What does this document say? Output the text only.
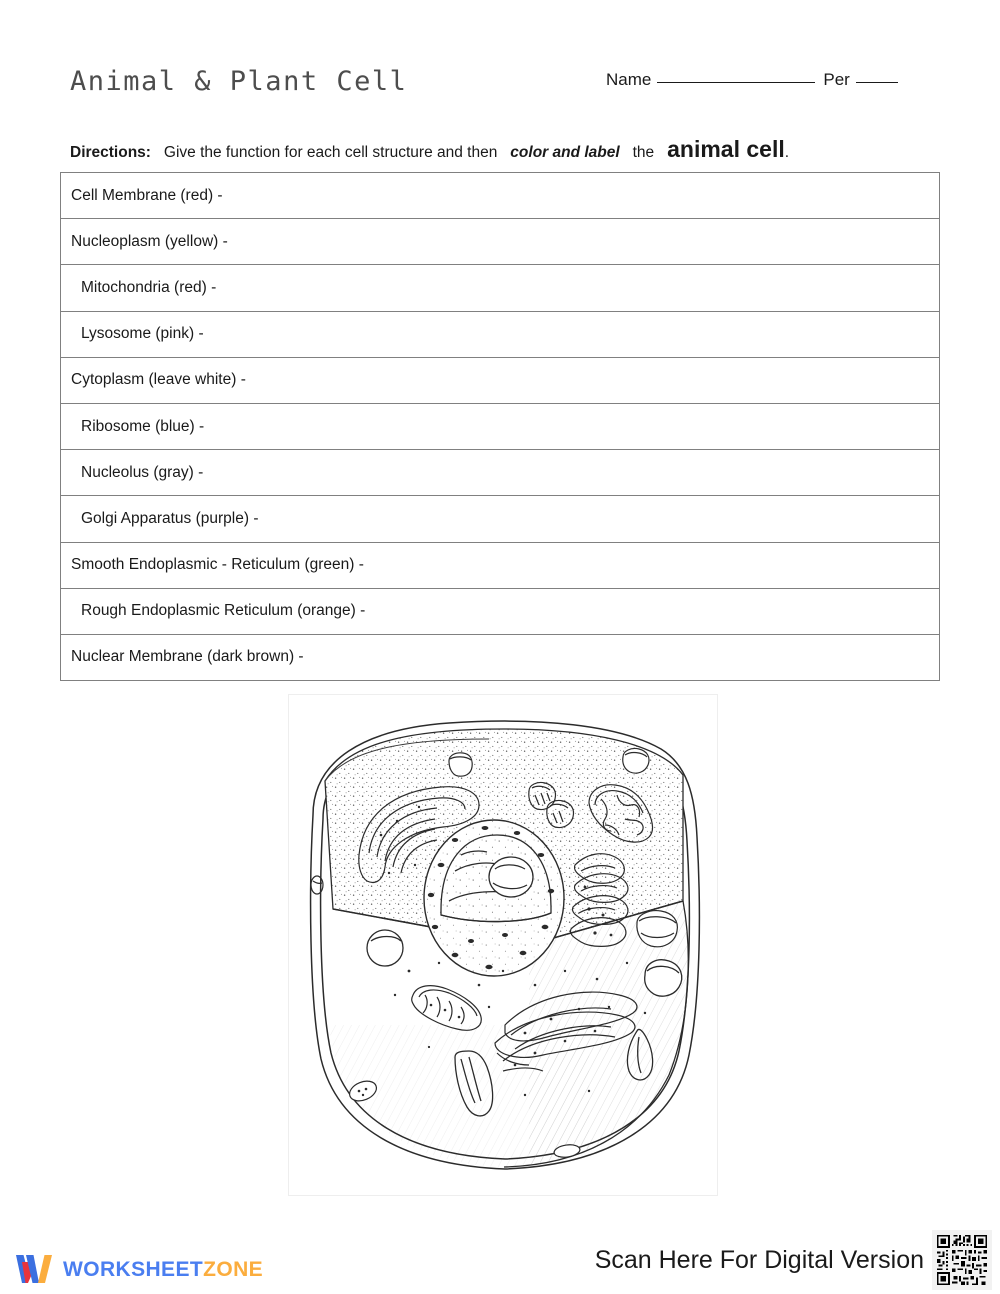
Animal & Plant Cell	Name	Per
Directions: Give the function for each cell structure and then color and label the animal cell.
Cell Membrane (red) -
Nucleoplasm (yellow) -
Mitochondria (red) -
Lysosome (pink) -
Cytoplasm (leave white) -
Ribosome (blue) -
Nucleolus (gray) -
Golgi Apparatus (purple) -
Smooth Endoplasmic - Reticulum (green) -
Rough Endoplasmic Reticulum (orange) -
Nuclear Membrane (dark brown) -
WORKSHEETZONE	Scan Here For Digital Version
